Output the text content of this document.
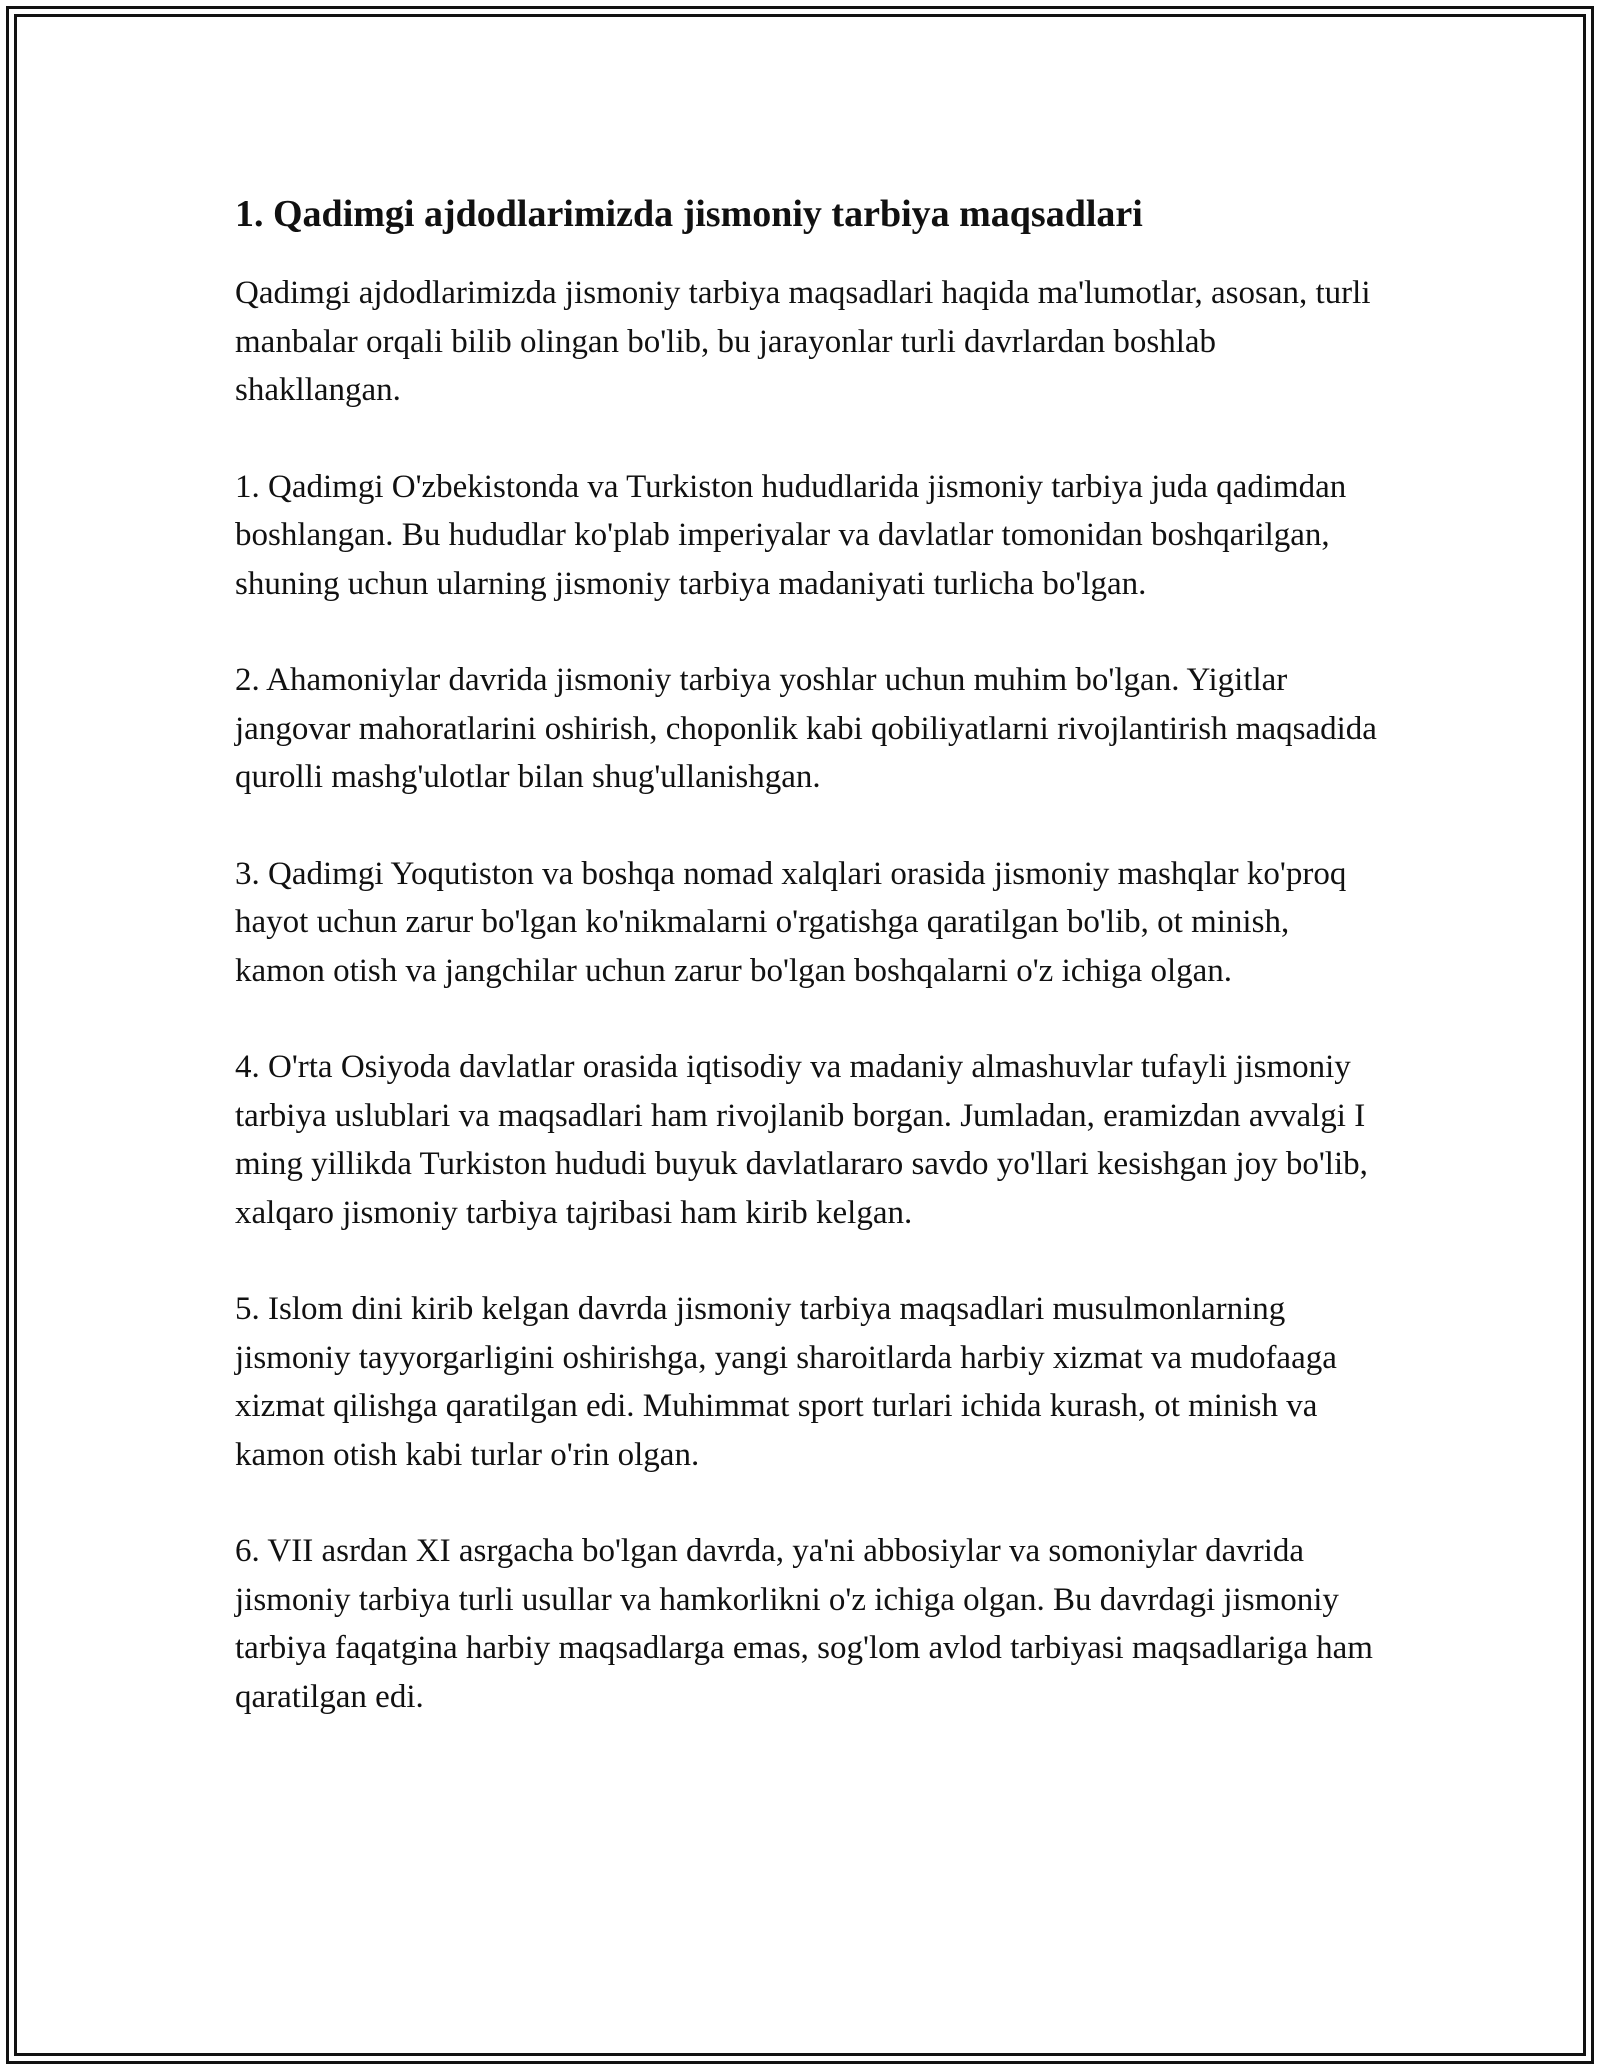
1. Qadimgi ajdodlarimizda jismoniy tarbiya maqsadlari

Qadimgi ajdodlarimizda jismoniy tarbiya maqsadlari haqida ma'lumotlar, asosan, turli manbalar orqali bilib olingan bo'lib, bu jarayonlar turli davrlardan boshlab shakllangan.

1. Qadimgi O'zbekistonda va Turkiston hududlarida jismoniy tarbiya juda qadimdan boshlangan. Bu hududlar ko'plab imperiyalar va davlatlar tomonidan boshqarilgan, shuning uchun ularning jismoniy tarbiya madaniyati turlicha bo'lgan.

2. Ahamoniylar davrida jismoniy tarbiya yoshlar uchun muhim bo'lgan. Yigitlar jangovar mahoratlarini oshirish, choponlik kabi qobiliyatlarni rivojlantirish maqsadida qurolli mashg'ulotlar bilan shug'ullanishgan.

3. Qadimgi Yoqutiston va boshqa nomad xalqlari orasida jismoniy mashqlar ko'proq hayot uchun zarur bo'lgan ko'nikmalarni o'rgatishga qaratilgan bo'lib, ot minish, kamon otish va jangchilar uchun zarur bo'lgan boshqalarni o'z ichiga olgan.

4. O'rta Osiyoda davlatlar orasida iqtisodiy va madaniy almashuvlar tufayli jismoniy tarbiya uslublari va maqsadlari ham rivojlanib borgan. Jumladan, eramizdan avvalgi I ming yillikda Turkiston hududi buyuk davlatlararo savdo yo'llari kesishgan joy bo'lib, xalqaro jismoniy tarbiya tajribasi ham kirib kelgan.

5. Islom dini kirib kelgan davrda jismoniy tarbiya maqsadlari musulmonlarning jismoniy tayyorgarligini oshirishga, yangi sharoitlarda harbiy xizmat va mudofaaga xizmat qilishga qaratilgan edi. Muhimmat sport turlari ichida kurash, ot minish va kamon otish kabi turlar o'rin olgan.

6. VII asrdan XI asrgacha bo'lgan davrda, ya'ni abbosiylar va somoniylar davrida jismoniy tarbiya turli usullar va hamkorlikni o'z ichiga olgan. Bu davrdagi jismoniy tarbiya faqatgina harbiy maqsadlarga emas, sog'lom avlod tarbiyasi maqsadlariga ham qaratilgan edi.
